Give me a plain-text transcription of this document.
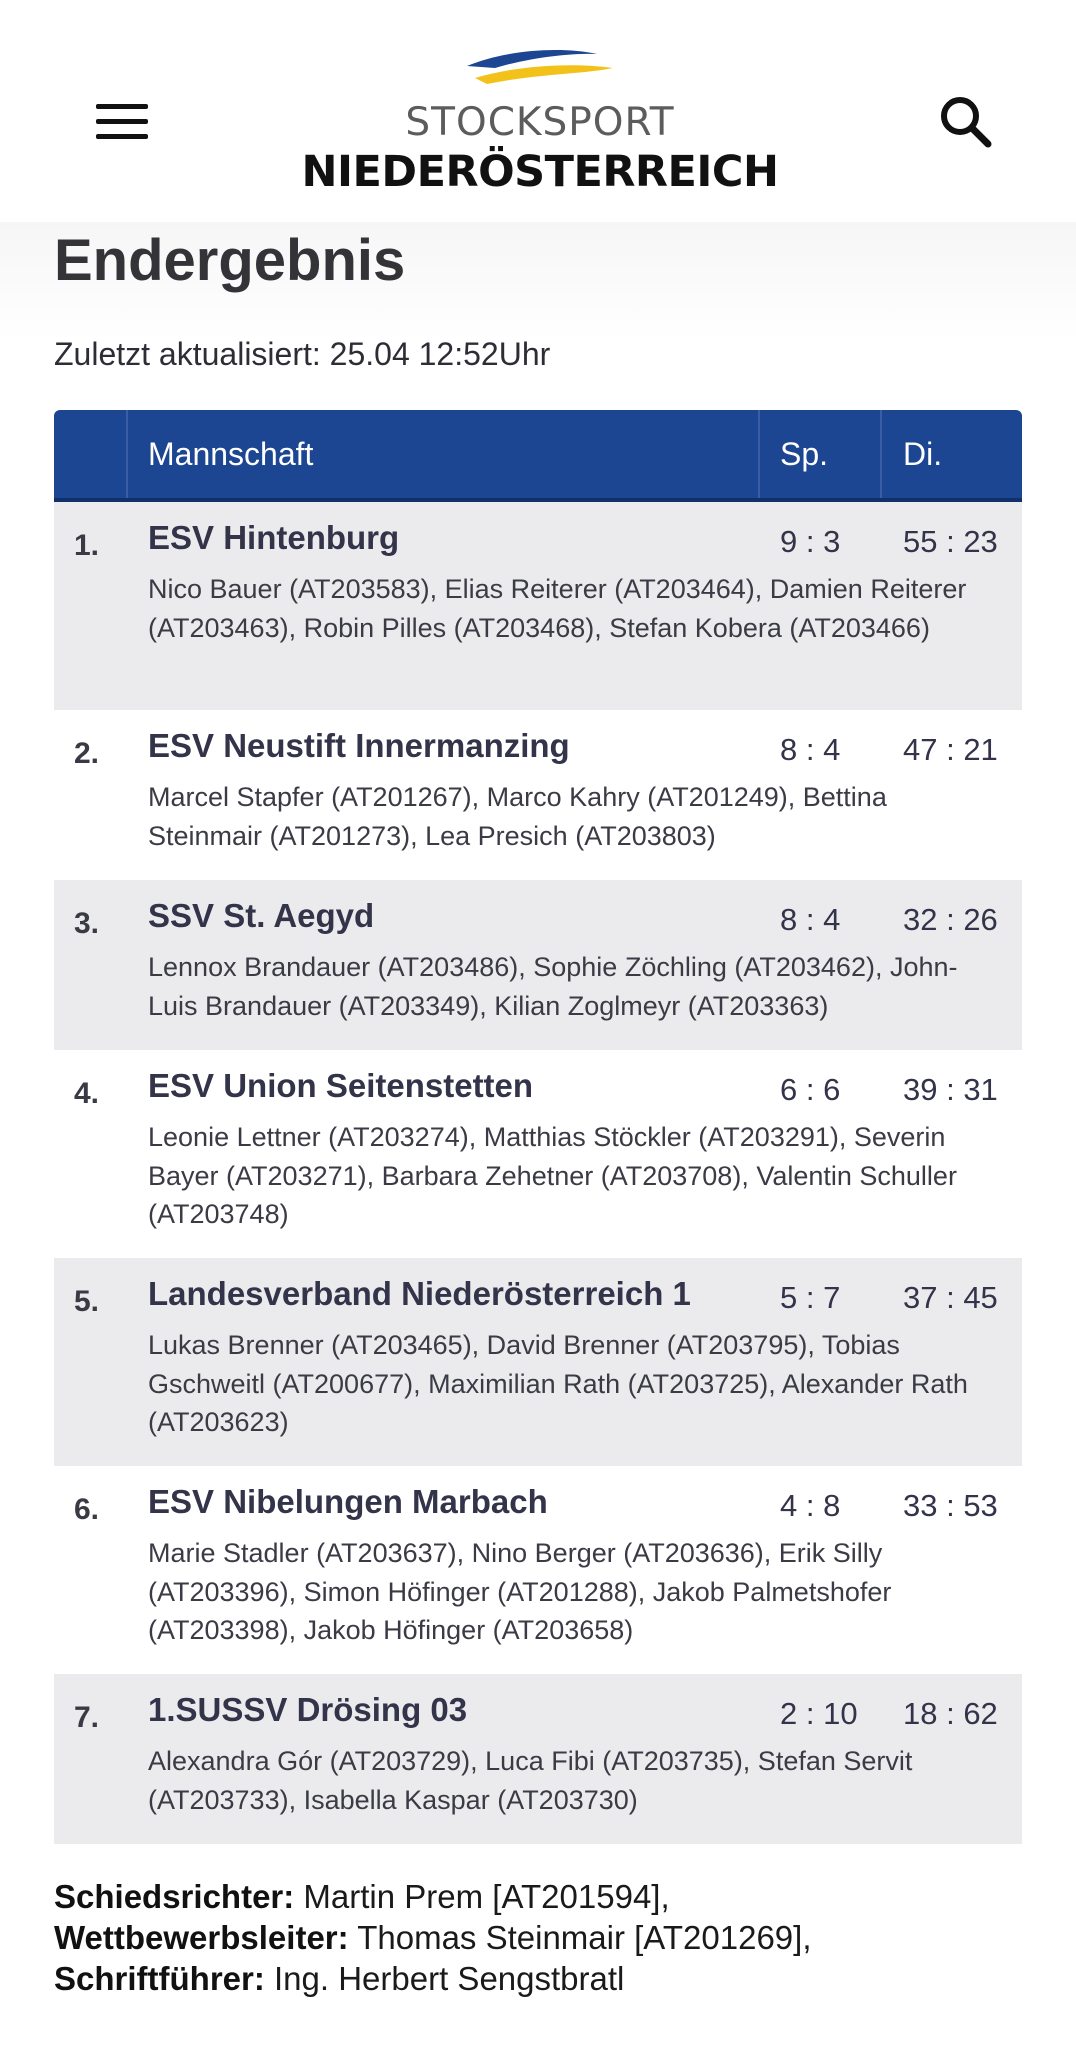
STOCKSPORT
NIEDERÖSTERREICH
Endergebnis
Zuletzt aktualisiert: 25.04 12:52Uhr
Mannschaft	Sp. Di.
1. ESV Hintenburg	9 : 3 55 : 23
Nico Bauer (AT203583), Elias Reiterer (AT203464), Damien Reiterer (AT203463), Robin Pilles (AT203468), Stefan Kobera (AT203466)
2. ESV Neustift Innermanzing	8 : 4 47 : 21
Marcel Stapfer (AT201267), Marco Kahry (AT201249), Bettina Steinmair (AT201273), Lea Presich (AT203803)
3. SSV St. Aegyd	8 : 4 32 : 26
Lennox Brandauer (AT203486), Sophie Zöchling (AT203462), John-Luis Brandauer (AT203349), Kilian Zoglmeyr (AT203363)
4. ESV Union Seitenstetten	6 : 6 39 : 31
Leonie Lettner (AT203274), Matthias Stöckler (AT203291), Severin Bayer (AT203271), Barbara Zehetner (AT203708), Valentin Schuller (AT203748)
5. Landesverband Niederösterreich 1	5 : 7 37 : 45
Lukas Brenner (AT203465), David Brenner (AT203795), Tobias Gschweitl (AT200677), Maximilian Rath (AT203725), Alexander Rath (AT203623)
6. ESV Nibelungen Marbach	4 : 8 33 : 53
Marie Stadler (AT203637), Nino Berger (AT203636), Erik Silly (AT203396), Simon Höfinger (AT201288), Jakob Palmetshofer (AT203398), Jakob Höfinger (AT203658)
7. 1.SUSSV Drösing 03	2 : 10 18 : 62
Alexandra Gór (AT203729), Luca Fibi (AT203735), Stefan Servit (AT203733), Isabella Kaspar (AT203730)
Schiedsrichter: Martin Prem [AT201594],
Wettbewerbsleiter: Thomas Steinmair [AT201269],
Schriftführer: Ing. Herbert Sengstbratl
